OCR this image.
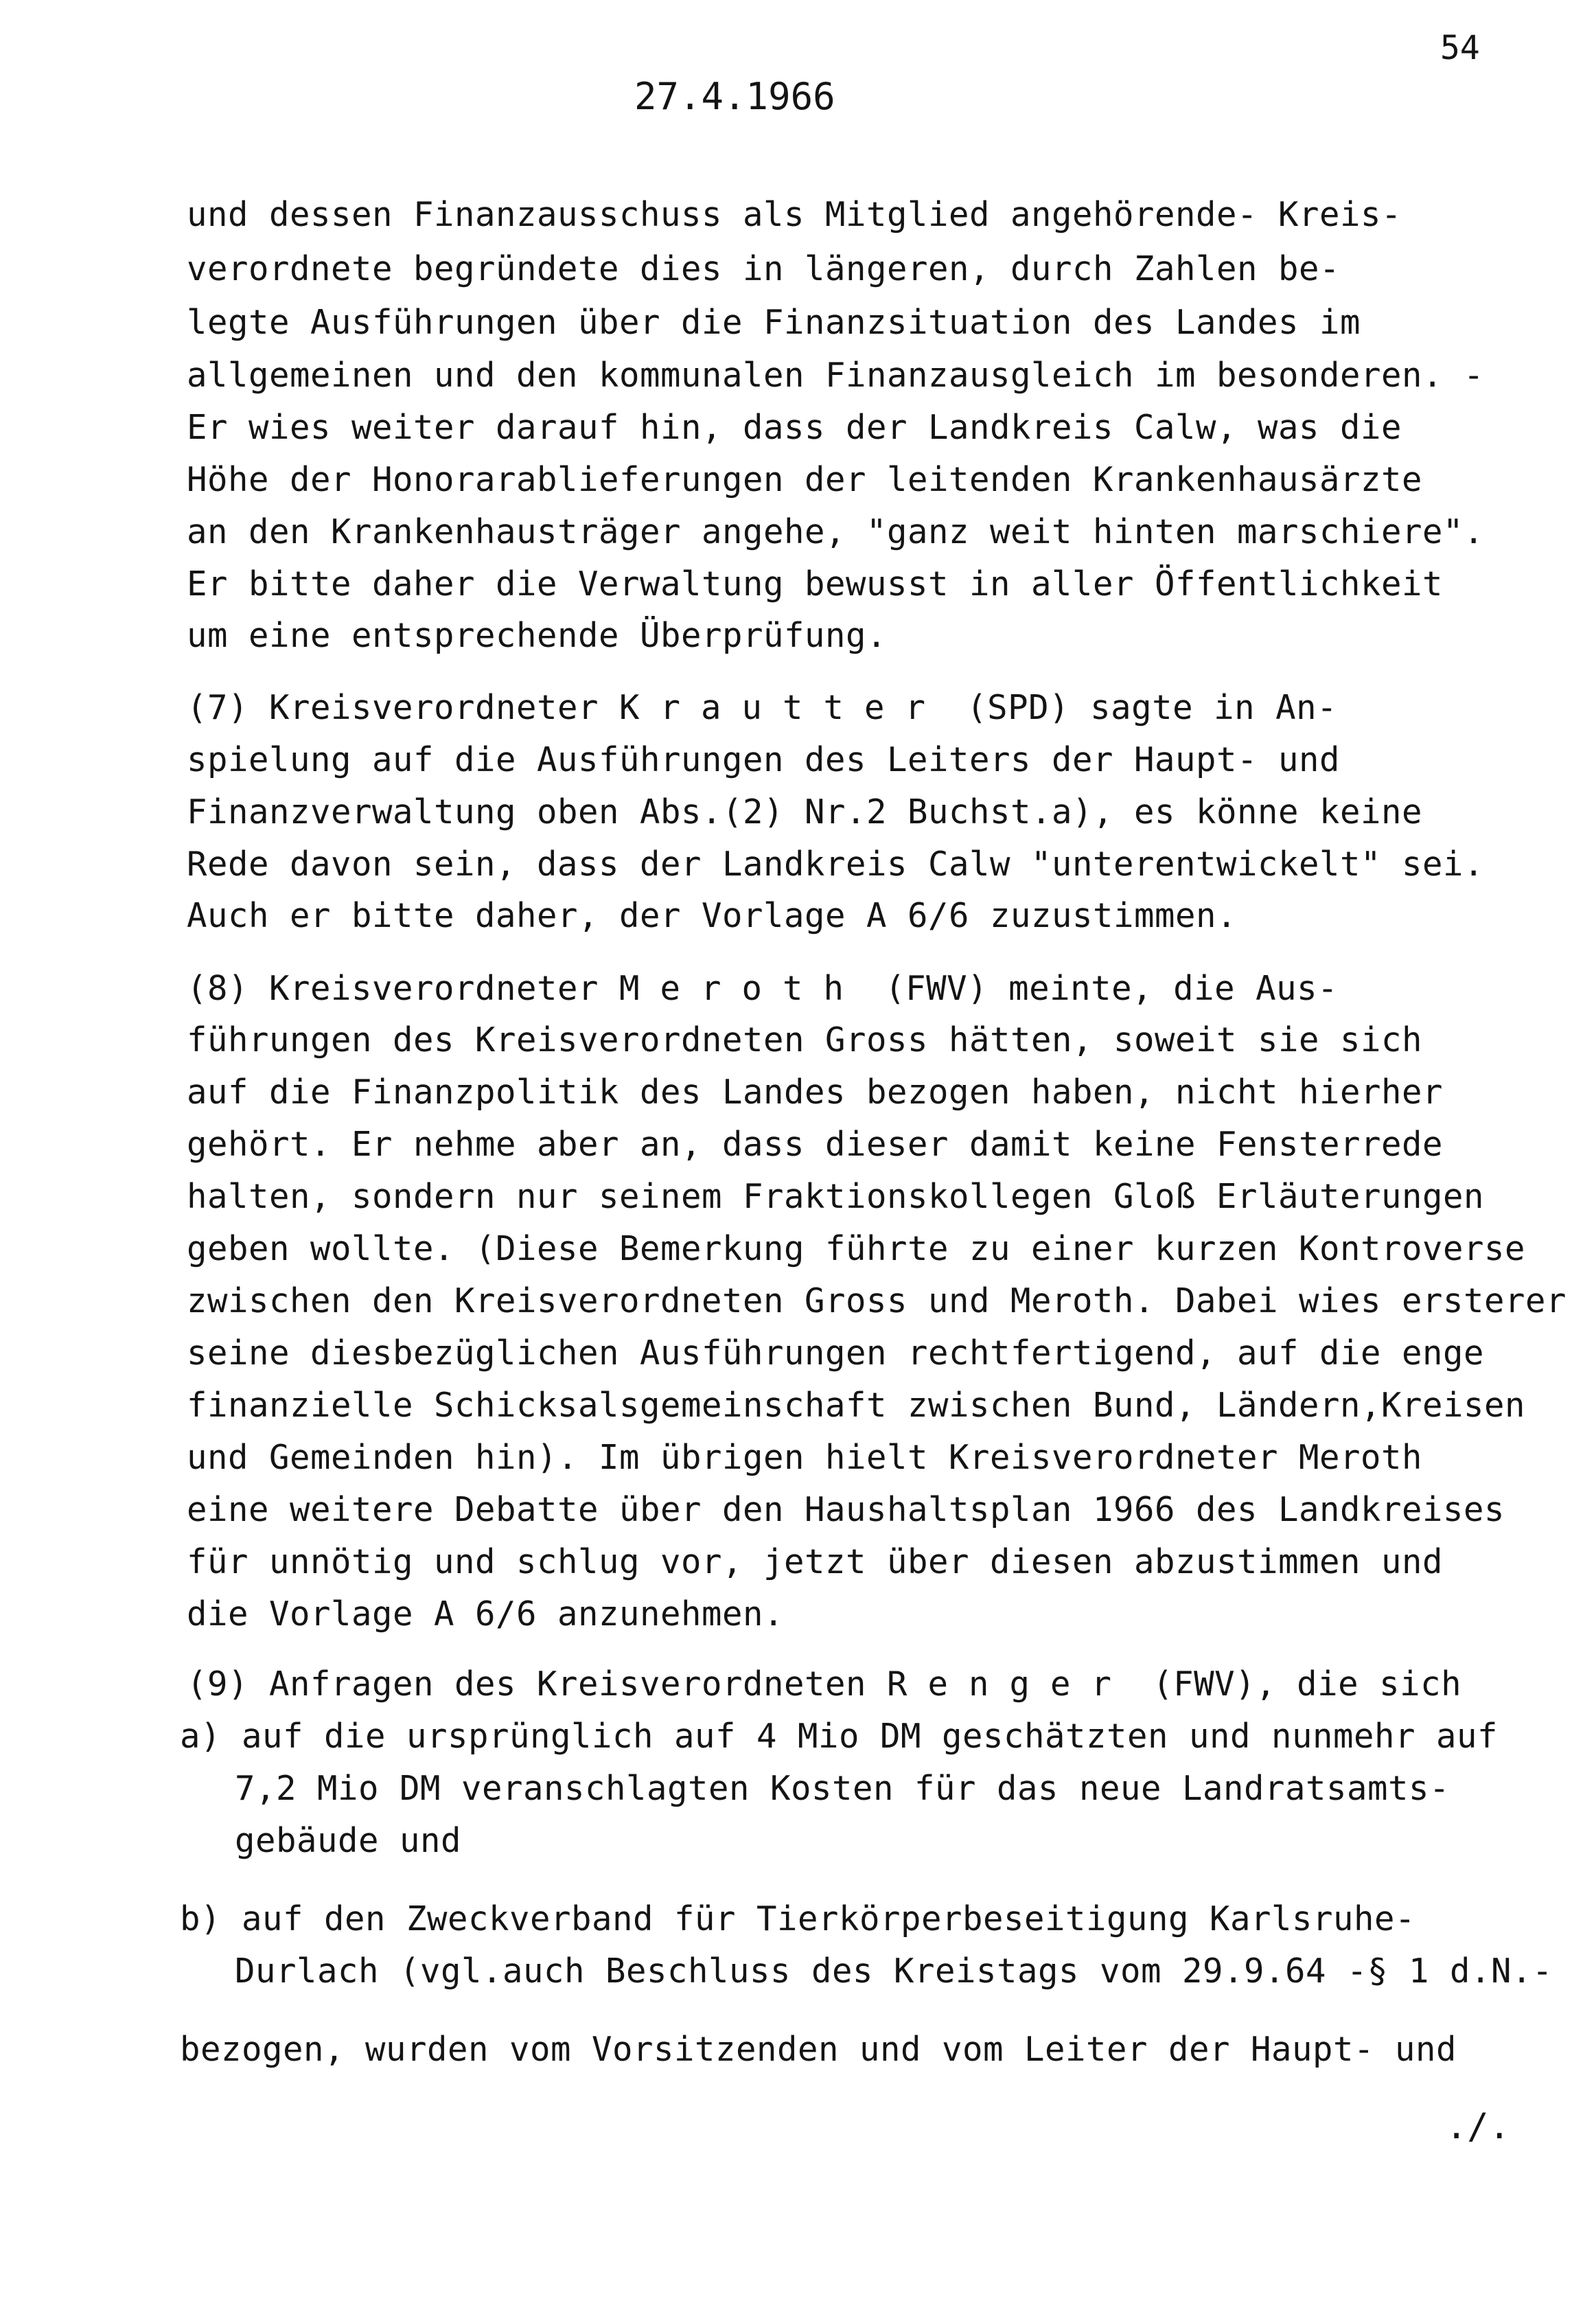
54
27.4.1966
und dessen Finanzausschuss als Mitglied angehörende- Kreis-
verordnete begründete dies in längeren, durch Zahlen be-
legte Ausführungen über die Finanzsituation des Landes im
allgemeinen und den kommunalen Finanzausgleich im besonderen. -
Er wies weiter darauf hin, dass der Landkreis Calw, was die
Höhe der Honorarablieferungen der leitenden Krankenhausärzte
an den Krankenhausträger angehe, "ganz weit hinten marschiere".
Er bitte daher die Verwaltung bewusst in aller Öffentlichkeit
um eine entsprechende Überprüfung.
(7) Kreisverordneter Krautter (SPD) sagte in An-
spielung auf die Ausführungen des Leiters der Haupt- und
Finanzverwaltung oben Abs.(2) Nr.2 Buchst.a), es könne keine
Rede davon sein, dass der Landkreis Calw "unterentwickelt" sei.
Auch er bitte daher, der Vorlage A 6/6 zuzustimmen.
(8) Kreisverordneter Meroth (FWV) meinte, die Aus-
führungen des Kreisverordneten Gross hätten, soweit sie sich
auf die Finanzpolitik des Landes bezogen haben, nicht hierher
gehört. Er nehme aber an, dass dieser damit keine Fensterrede
halten, sondern nur seinem Fraktionskollegen Gloß Erläuterungen
geben wollte. (Diese Bemerkung führte zu einer kurzen Kontroverse
zwischen den Kreisverordneten Gross und Meroth. Dabei wies ersterer
seine diesbezüglichen Ausführungen rechtfertigend, auf die enge
finanzielle Schicksalsgemeinschaft zwischen Bund, Ländern,Kreisen
und Gemeinden hin). Im übrigen hielt Kreisverordneter Meroth
eine weitere Debatte über den Haushaltsplan 1966 des Landkreises
für unnötig und schlug vor, jetzt über diesen abzustimmen und
die Vorlage A 6/6 anzunehmen.
(9) Anfragen des Kreisverordneten Renger (FWV), die sich
a) auf die ursprünglich auf 4 Mio DM geschätzten und nunmehr auf
7,2 Mio DM veranschlagten Kosten für das neue Landratsamts-
gebäude und
b) auf den Zweckverband für Tierkörperbeseitigung Karlsruhe-
Durlach (vgl.auch Beschluss des Kreistags vom 29.9.64 -§ 1 d.N.-
bezogen, wurden vom Vorsitzenden und vom Leiter der Haupt- und
./.
